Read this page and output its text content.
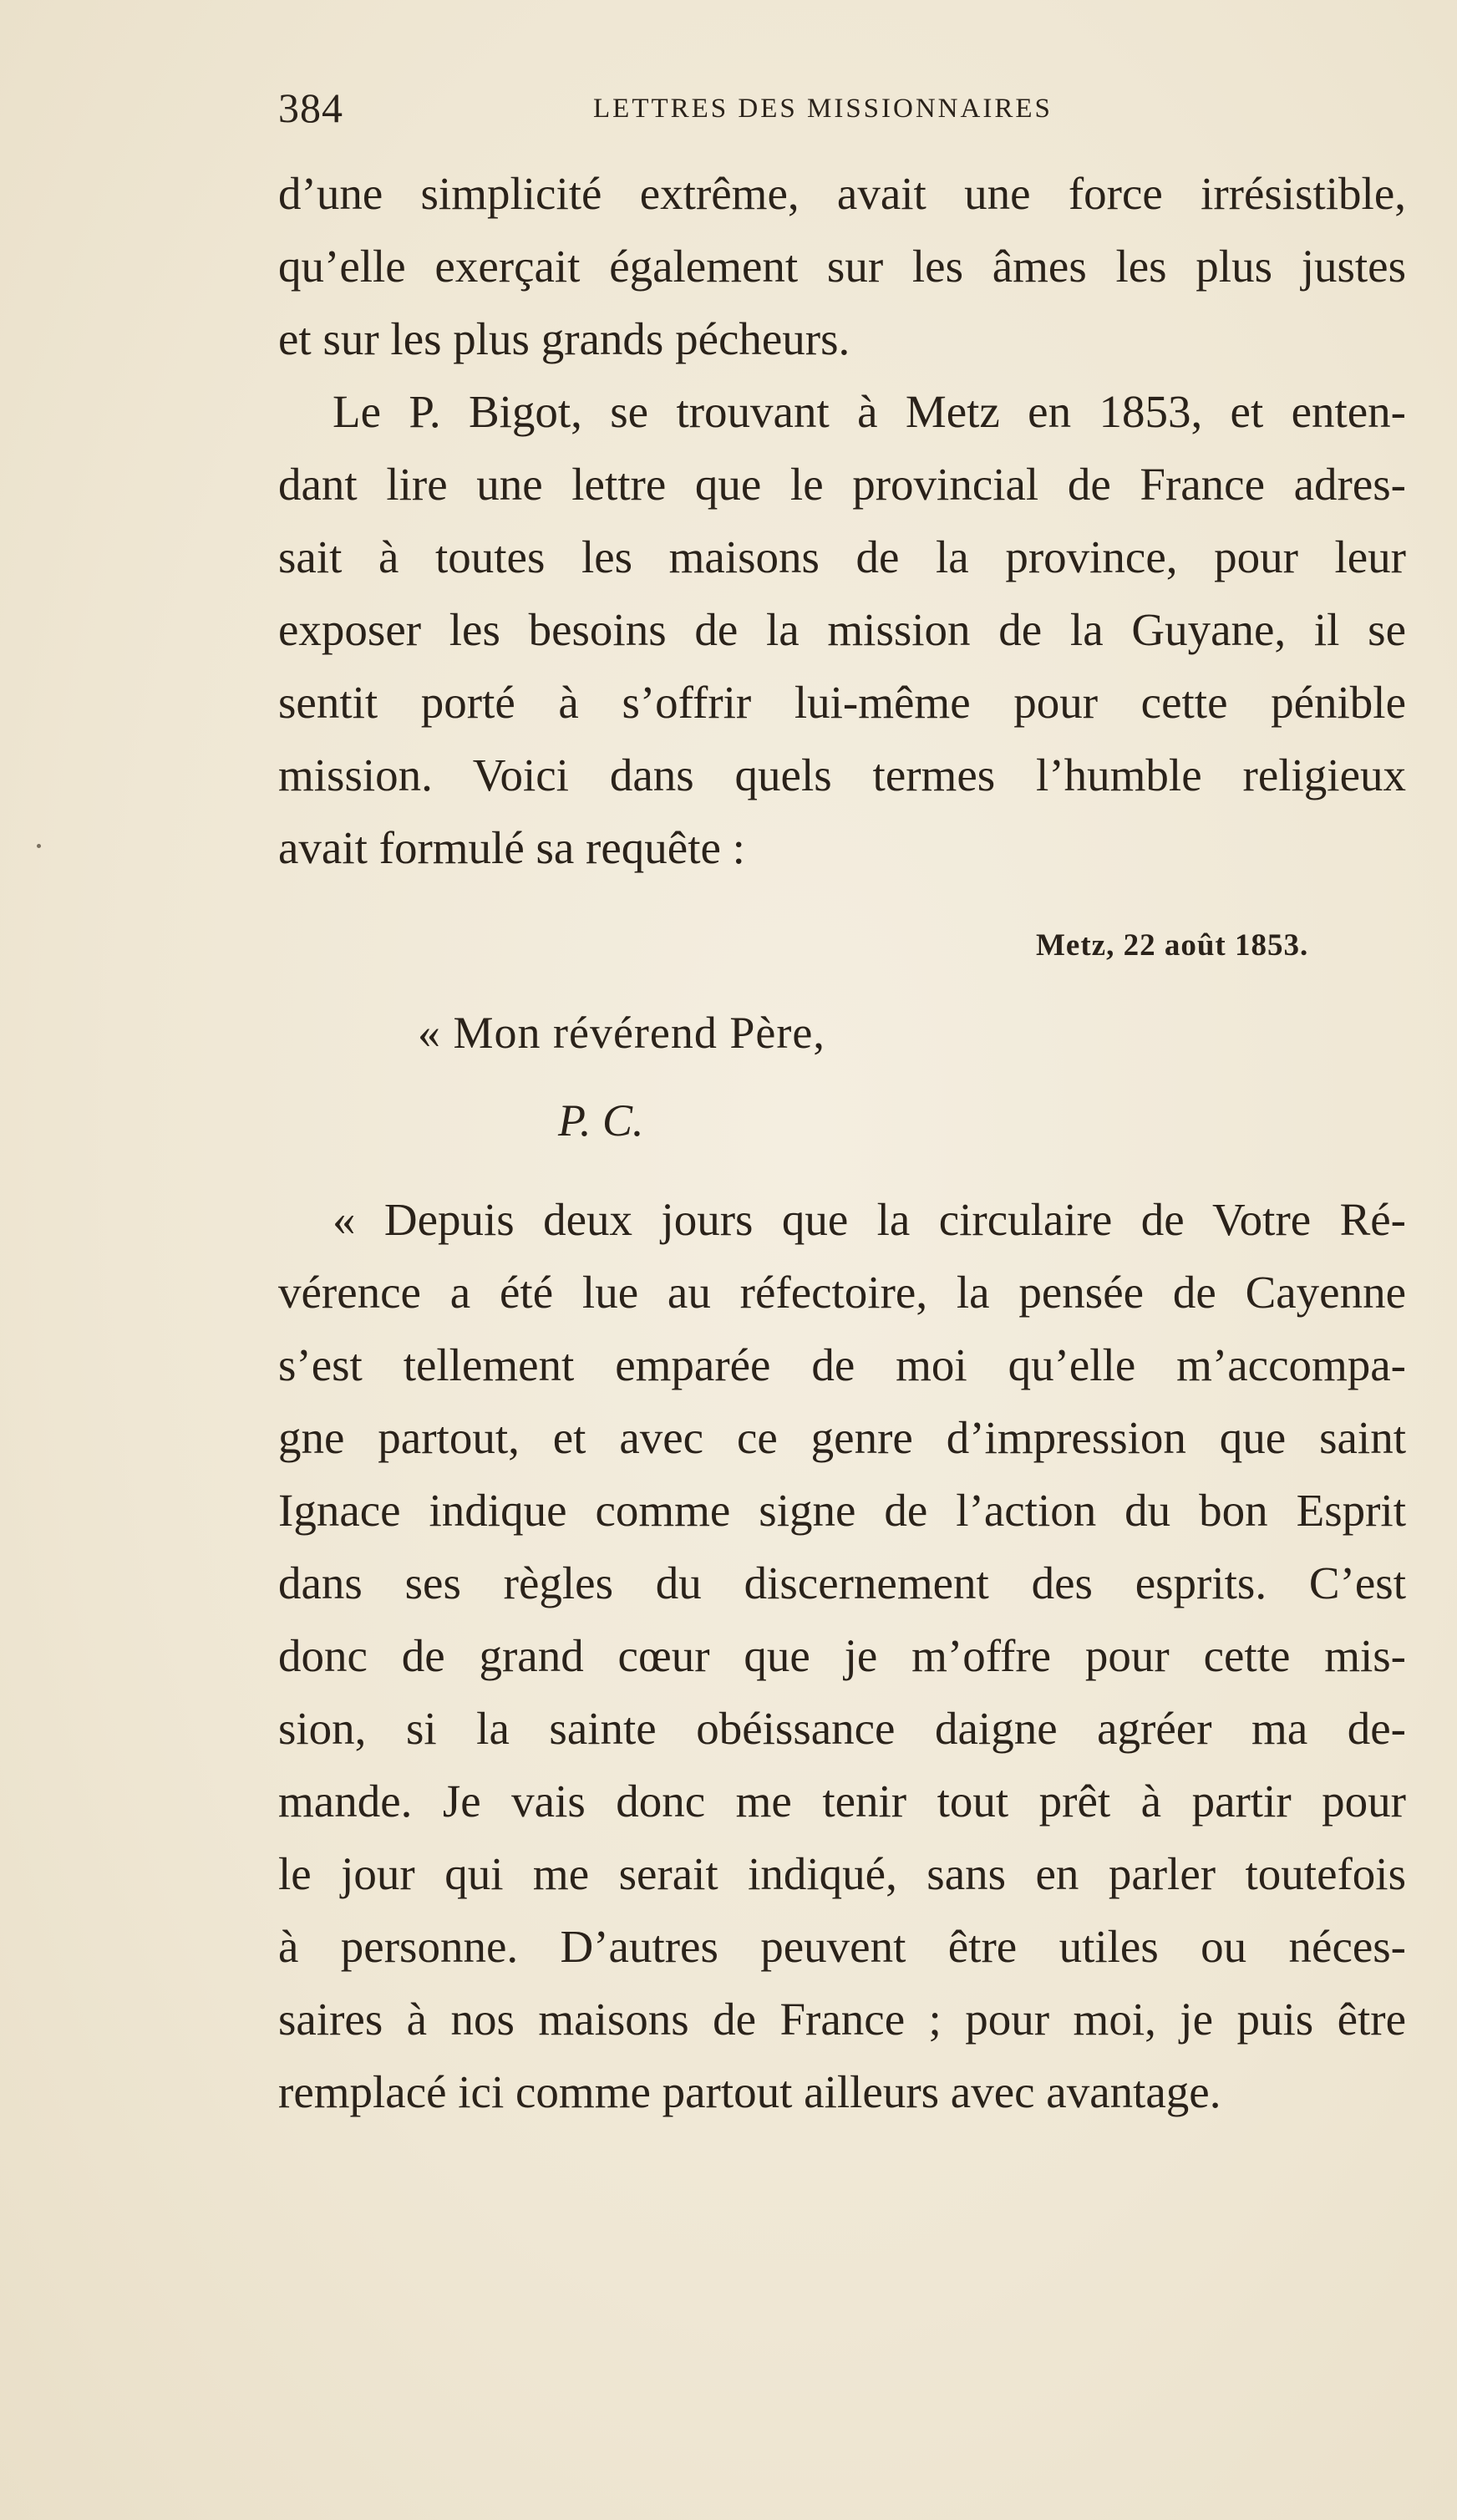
384	LETTRES DES MISSIONNAIRES
d’une simplicité extrême, avait une force irrésistible,
qu’elle exerçait également sur les âmes les plus justes
et sur les plus grands pécheurs.
Le P. Bigot, se trouvant à Metz en 1853, et enten-
dant lire une lettre que le provincial de France adres-
sait à toutes les maisons de la province, pour leur
exposer les besoins de la mission de la Guyane, il se
sentit porté à s’offrir lui-même pour cette pénible
mission. Voici dans quels termes l’humble religieux
avait formulé sa requête :
Metz, 22 août 1853.
« Mon révérend Père,
P. C.
« Depuis deux jours que la circulaire de Votre Ré-
vérence a été lue au réfectoire, la pensée de Cayenne
s’est tellement emparée de moi qu’elle m’accompa-
gne partout, et avec ce genre d’impression que saint
Ignace indique comme signe de l’action du bon Esprit
dans ses règles du discernement des esprits. C’est
donc de grand cœur que je m’offre pour cette mis-
sion, si la sainte obéissance daigne agréer ma de-
mande. Je vais donc me tenir tout prêt à partir pour
le jour qui me serait indiqué, sans en parler toutefois
à personne. D’autres peuvent être utiles ou néces-
saires à nos maisons de France ; pour moi, je puis être
remplacé ici comme partout ailleurs avec avantage.
